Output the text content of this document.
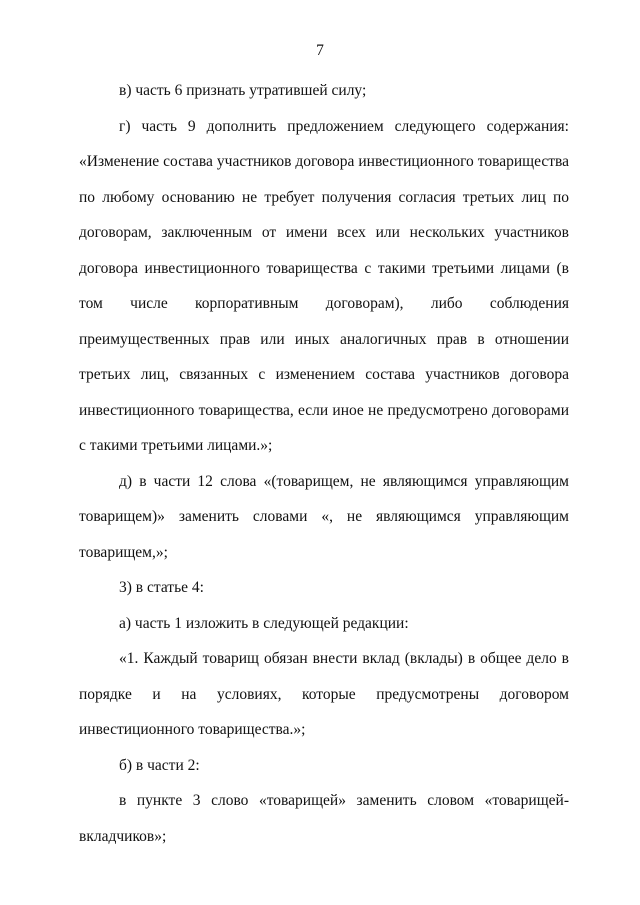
7

в) часть 6 признать утратившей силу;

г) часть 9 дополнить предложением следующего содержания: «Изменение состава участников договора инвестиционного товарищества по любому основанию не требует получения согласия третьих лиц по договорам, заключенным от имени всех или нескольких участников договора инвестиционного товарищества с такими третьими лицами (в том числе корпоративным договорам), либо соблюдения преимущественных прав или иных аналогичных прав в отношении третьих лиц, связанных с изменением состава участников договора инвестиционного товарищества, если иное не предусмотрено договорами с такими третьими лицами.»;

д) в части 12 слова «(товарищем, не являющимся управляющим товарищем)» заменить словами «, не являющимся управляющим товарищем,»;

3) в статье 4:

а) часть 1 изложить в следующей редакции:

«1. Каждый товарищ обязан внести вклад (вклады) в общее дело в порядке и на условиях, которые предусмотрены договором инвестиционного товарищества.»;

б) в части 2:

в пункте 3 слово «товарищей» заменить словом «товарищей-вкладчиков»;
